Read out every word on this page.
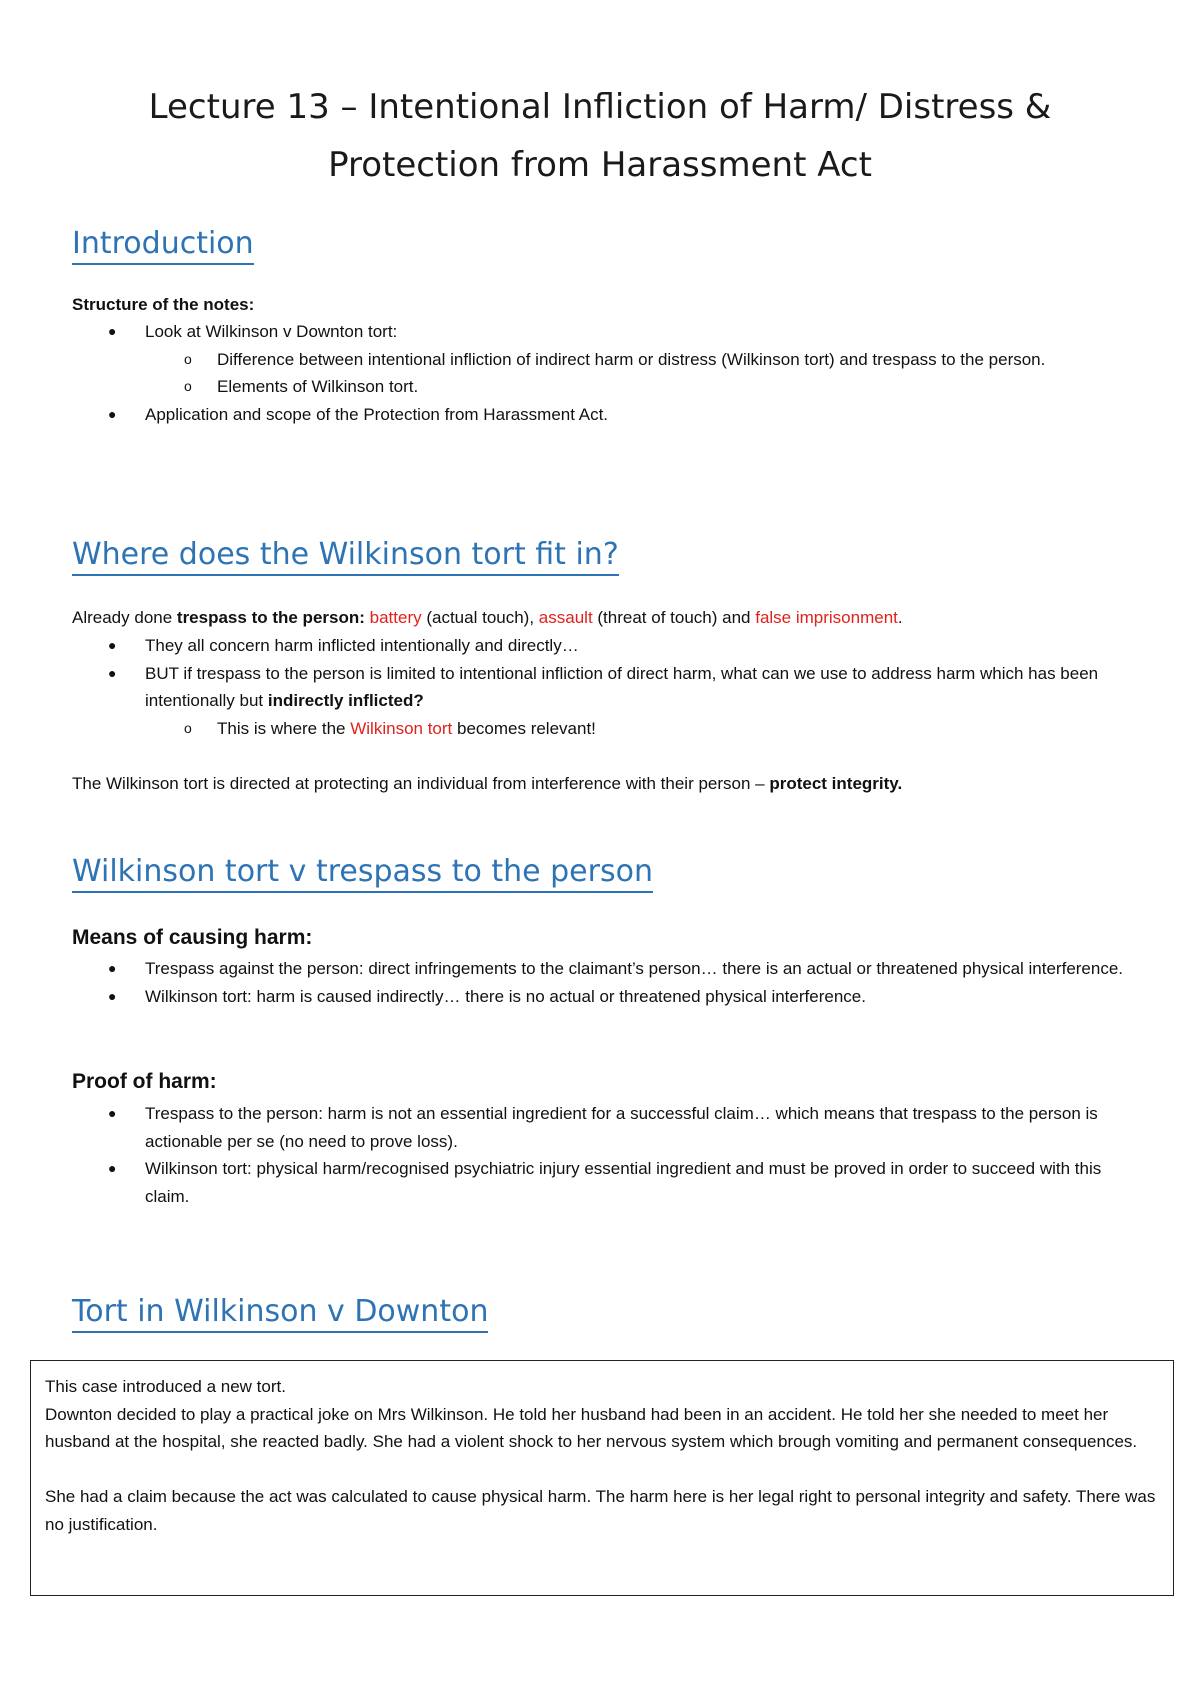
Lecture 13 – Intentional Infliction of Harm/ Distress &
Protection from Harassment Act
Introduction

Structure of the notes:

● Look at Wilkinson v Downton tort:
o Difference between intentional infliction of indirect harm or distress (Wilkinson tort) and trespass to the person.
o Elements of Wilkinson tort.
● Application and scope of the Protection from Harassment Act.
Where does the Wilkinson tort fit in?

Already done trespass to the person: battery (actual touch), assault (threat of touch) and false imprisonment.

● They all concern harm inflicted intentionally and directly…
● BUT if trespass to the person is limited to intentional infliction of direct harm, what can we use to address harm which has been intentionally but indirectly inflicted?
o This is where the Wilkinson tort becomes relevant!

The Wilkinson tort is directed at protecting an individual from interference with their person – protect integrity.

Wilkinson tort v trespass to the person
Means of causing harm:
● Trespass against the person: direct infringements to the claimant’s person… there is an actual or threatened physical interference.
● Wilkinson tort: harm is caused indirectly… there is no actual or threatened physical interference.
Proof of harm:
● Trespass to the person: harm is not an essential ingredient for a successful claim… which means that trespass to the person is actionable per se (no need to prove loss).
● Wilkinson tort: physical harm/recognised psychiatric injury essential ingredient and must be proved in order to succeed with this claim.
Tort in Wilkinson v Downton

This case introduced a new tort.

Downton decided to play a practical joke on Mrs Wilkinson. He told her husband had been in an accident. He told her she needed to meet her husband at the hospital, she reacted badly. She had a violent shock to her nervous system which brough vomiting and permanent consequences.

She had a claim because the act was calculated to cause physical harm. The harm here is her legal right to personal integrity and safety. There was no justification.
